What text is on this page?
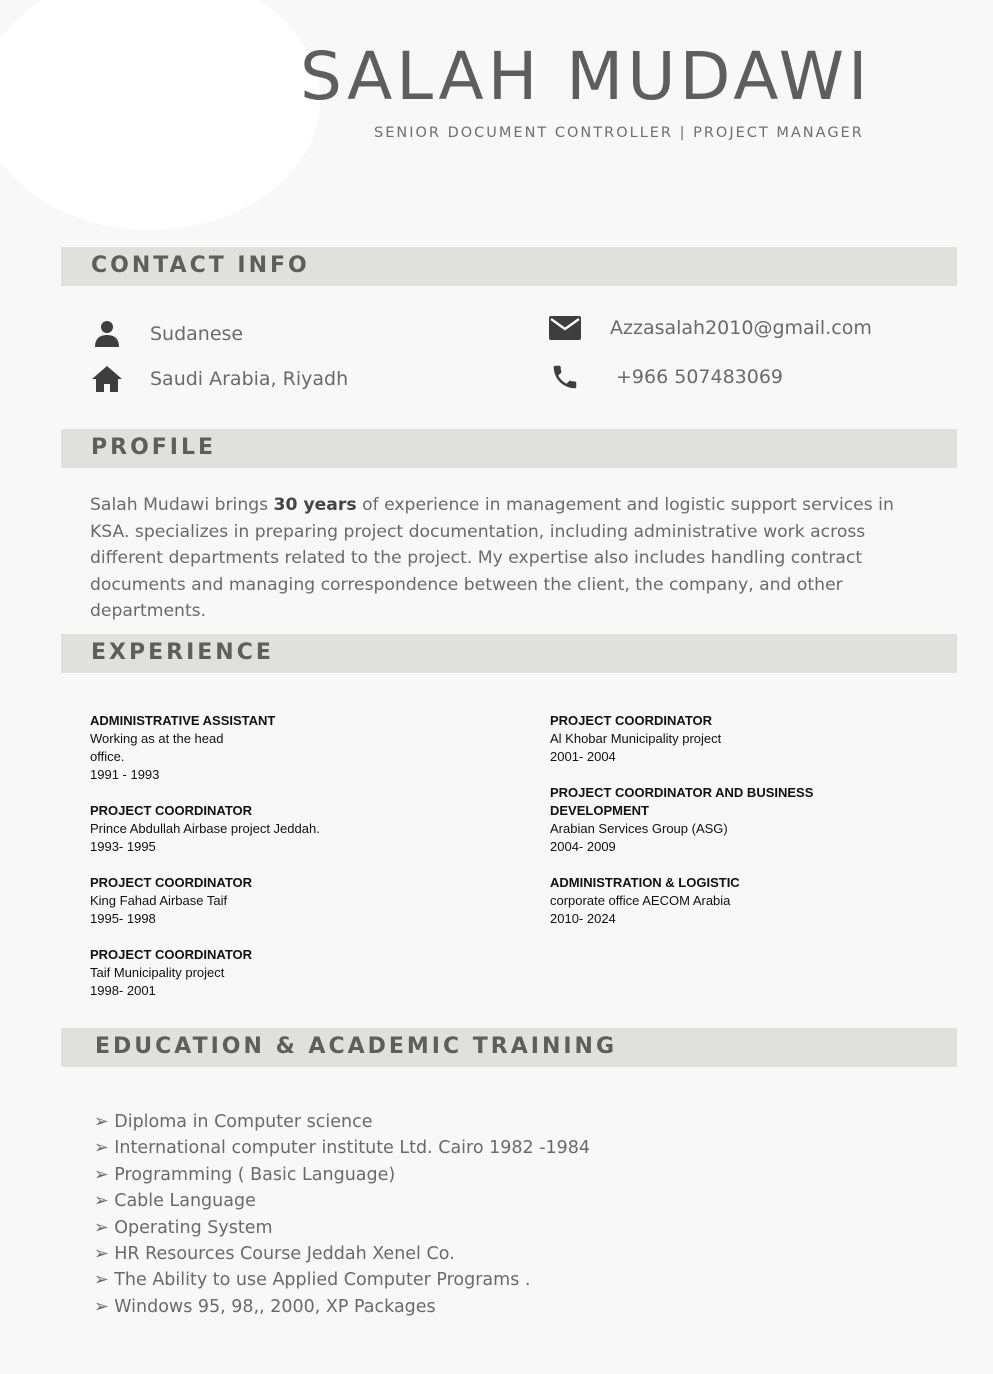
SALAH MUDAWI
SENIOR DOCUMENT CONTROLLER | PROJECT MANAGER
CONTACT INFO
Sudanese
Saudi Arabia, Riyadh
Azzasalah2010@gmail.com
+966 507483069
PROFILE

Salah Mudawi brings 30 years of experience in management and logistic support services in KSA. specializes in preparing project documentation, including administrative work across different departments related to the project. My expertise also includes handling contract documents and managing correspondence between the client, the company, and other departments.

EXPERIENCE
ADMINISTRATIVE ASSISTANT
Working as at the head
office.
1991 - 1993
PROJECT COORDINATOR
Prince Abdullah Airbase project Jeddah.
1993- 1995
PROJECT COORDINATOR
King Fahad Airbase Taif
1995- 1998
PROJECT COORDINATOR
Taif Municipality project
1998- 2001
PROJECT COORDINATOR
Al Khobar Municipality project
2001- 2004
PROJECT COORDINATOR AND BUSINESS DEVELOPMENT
Arabian Services Group (ASG)
2004- 2009
ADMINISTRATION & LOGISTIC
corporate office AECOM Arabia
2010- 2024
EDUCATION & ACADEMIC TRAINING
➢ Diploma in Computer science
➢ International computer institute Ltd. Cairo 1982 -1984
➢ Programming ( Basic Language)
➢ Cable Language
➢ Operating System
➢ HR Resources Course Jeddah Xenel Co.
➢ The Ability to use Applied Computer Programs .
➢ Windows 95, 98,, 2000, XP Packages
